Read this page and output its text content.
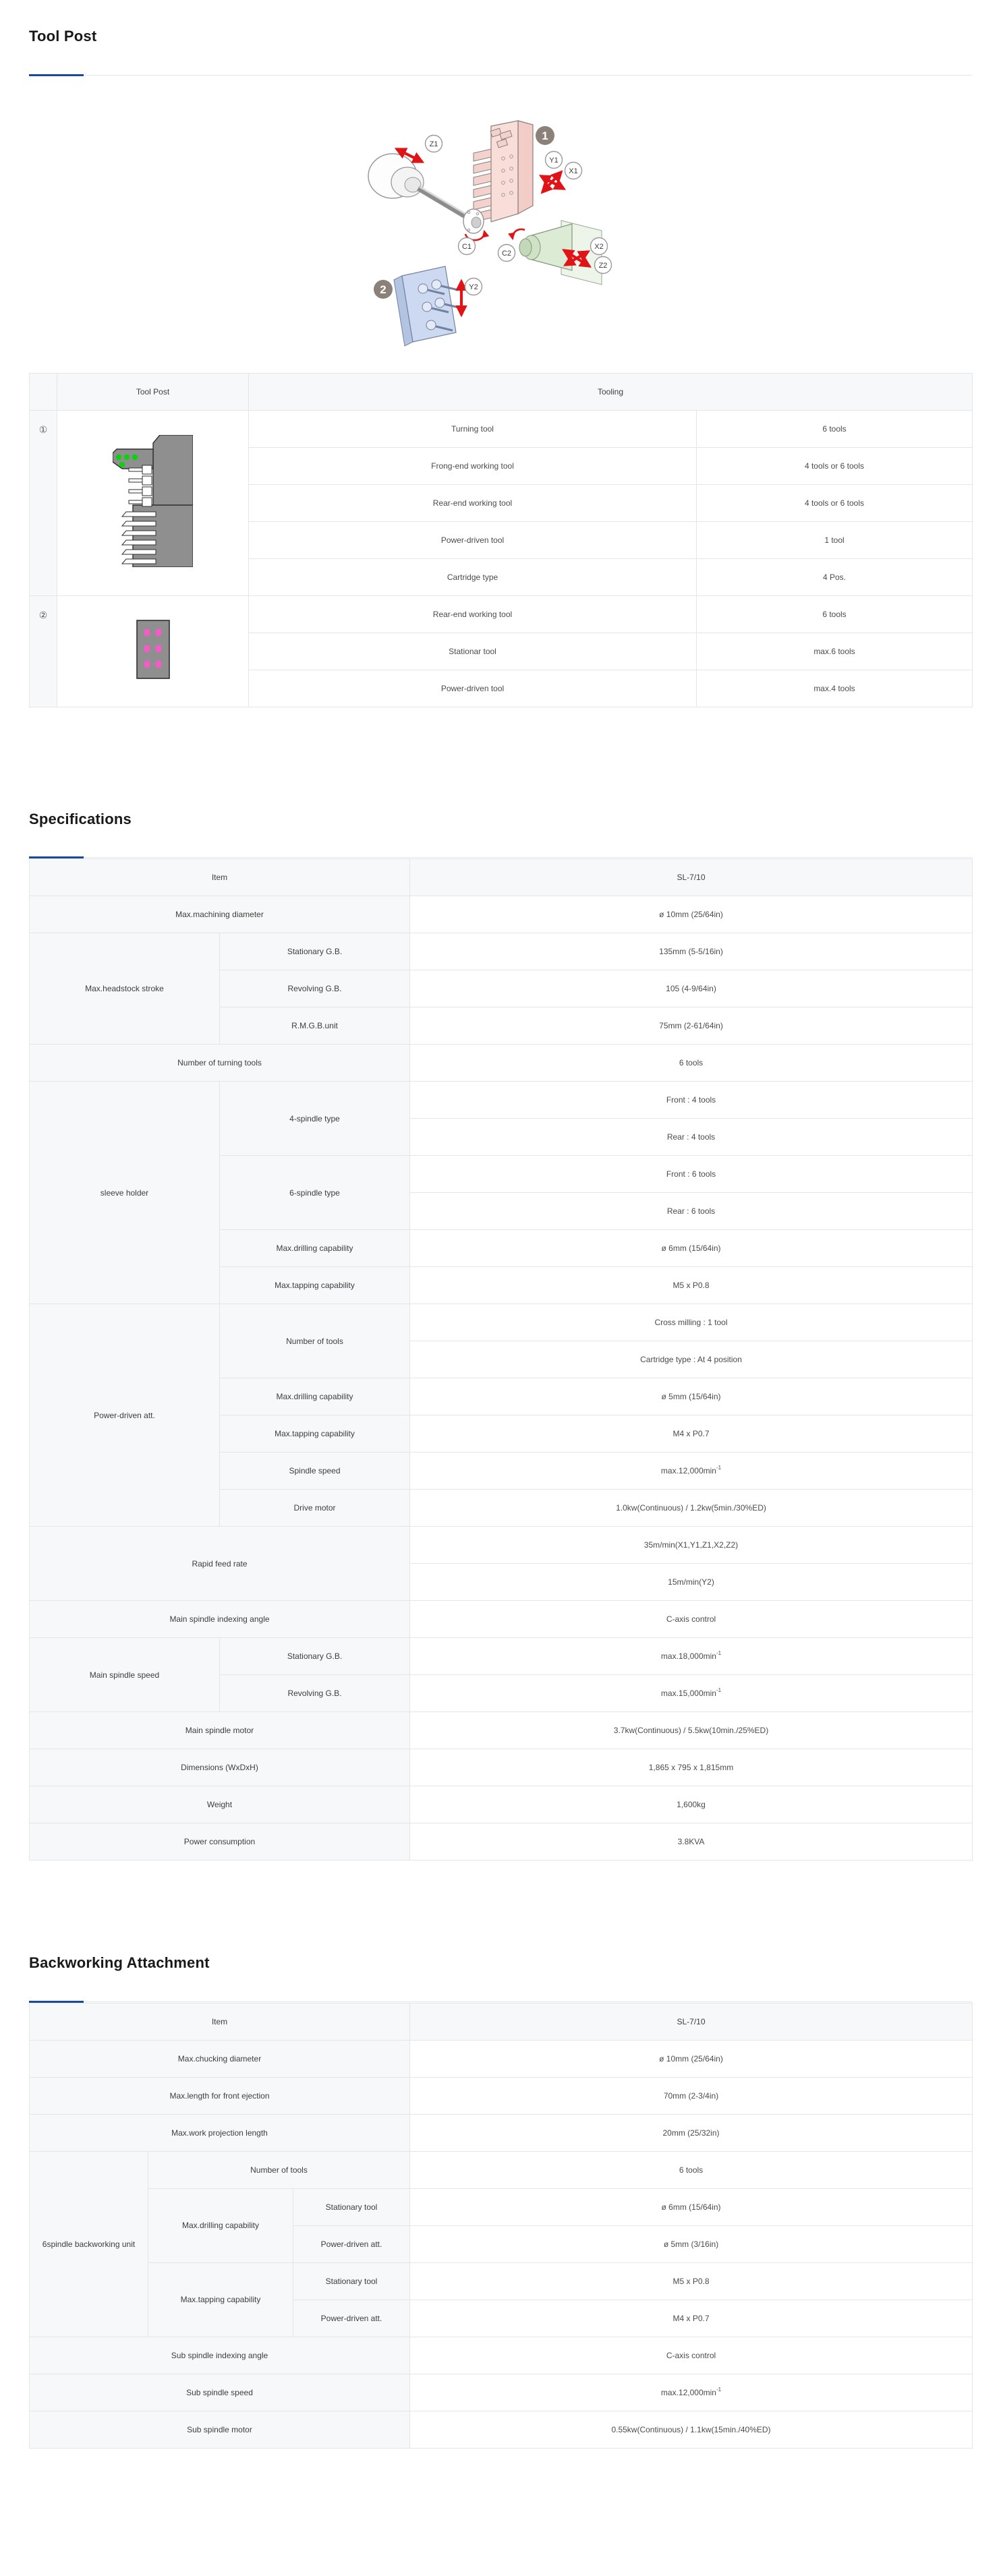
Tool Post
1
Y1
X1
Z1
C1
C2
X2
Z2
2	Y2
	Tool Post	Tooling	
①		Turning tool	6 tools
		Frong-end working tool	4 tools or 6 tools
		Rear-end working tool	4 tools or 6 tools
		Power-driven tool	1 tool
		Cartridge type	4 Pos.
②		Rear-end working tool	6 tools
		Stationar tool	max.6 tools
		Power-driven tool	max.4 tools
Specifications
Item		SL-7/10
Max.machining diameter		ø 10mm (25/64in)
Max.headstock stroke	Stationary G.B.	135mm (5-5/16in)
	Revolving G.B.	105 (4-9/64in)
	R.M.G.B.unit	75mm (2-61/64in)
Number of turning tools		6 tools
sleeve holder	4-spindle type	Front : 4 tools
		Rear : 4 tools
	6-spindle type	Front : 6 tools
		Rear : 6 tools
	Max.drilling capability	ø 6mm (15/64in)
	Max.tapping capability	M5 x P0.8
Power-driven att.	Number of tools	Cross milling : 1 tool
		Cartridge type : At 4 position
	Max.drilling capability	ø 5mm (15/64in)
	Max.tapping capability	M4 x P0.7
	Spindle speed	$\max.12,000\min^{-1}$
	Drive motor	1.0kw(Continuous) / 1.2kw(5min./30%ED)
Rapid feed rate		35m/min(X1,Y1,Z1,X2,Z2)
		15m/min(Y2)
Main spindle indexing angle		C-axis control
Main spindle speed	Stationary G.B.	$\max.18,000\min^{-1}$
	Revolving G.B.	$\max.15,000\min^{-1}$
Main spindle motor		3.7kw(Continuous) / 5.5kw(10min./25%ED)
Dimensions (WxDxH)		1,865 x 795 x 1,815mm
Weight		1,600kg
Power consumption		3.8KVA
Backworking Attachment
Item			SL-7/10
Max.chucking diameter			ø 10mm (25/64in)
Max.length for front ejection			70mm (2-3/4in)
Max.work projection length			20mm (25/32in)
6spindle backworking unit	Number of tools		6 tools
	Max.drilling capability	Stationary tool	ø 6mm (15/64in)
		Power-driven att.	ø 5mm (3/16in)
	Max.tapping capability	Stationary tool	M5 x P0.8
		Power-driven att.	M4 x P0.7
Sub spindle indexing angle			C-axis control
Sub spindle speed			$\max.12,000\min^{-1}$
Sub spindle motor			0.55kw(Continuous) / 1.1kw(15min./40%ED)
